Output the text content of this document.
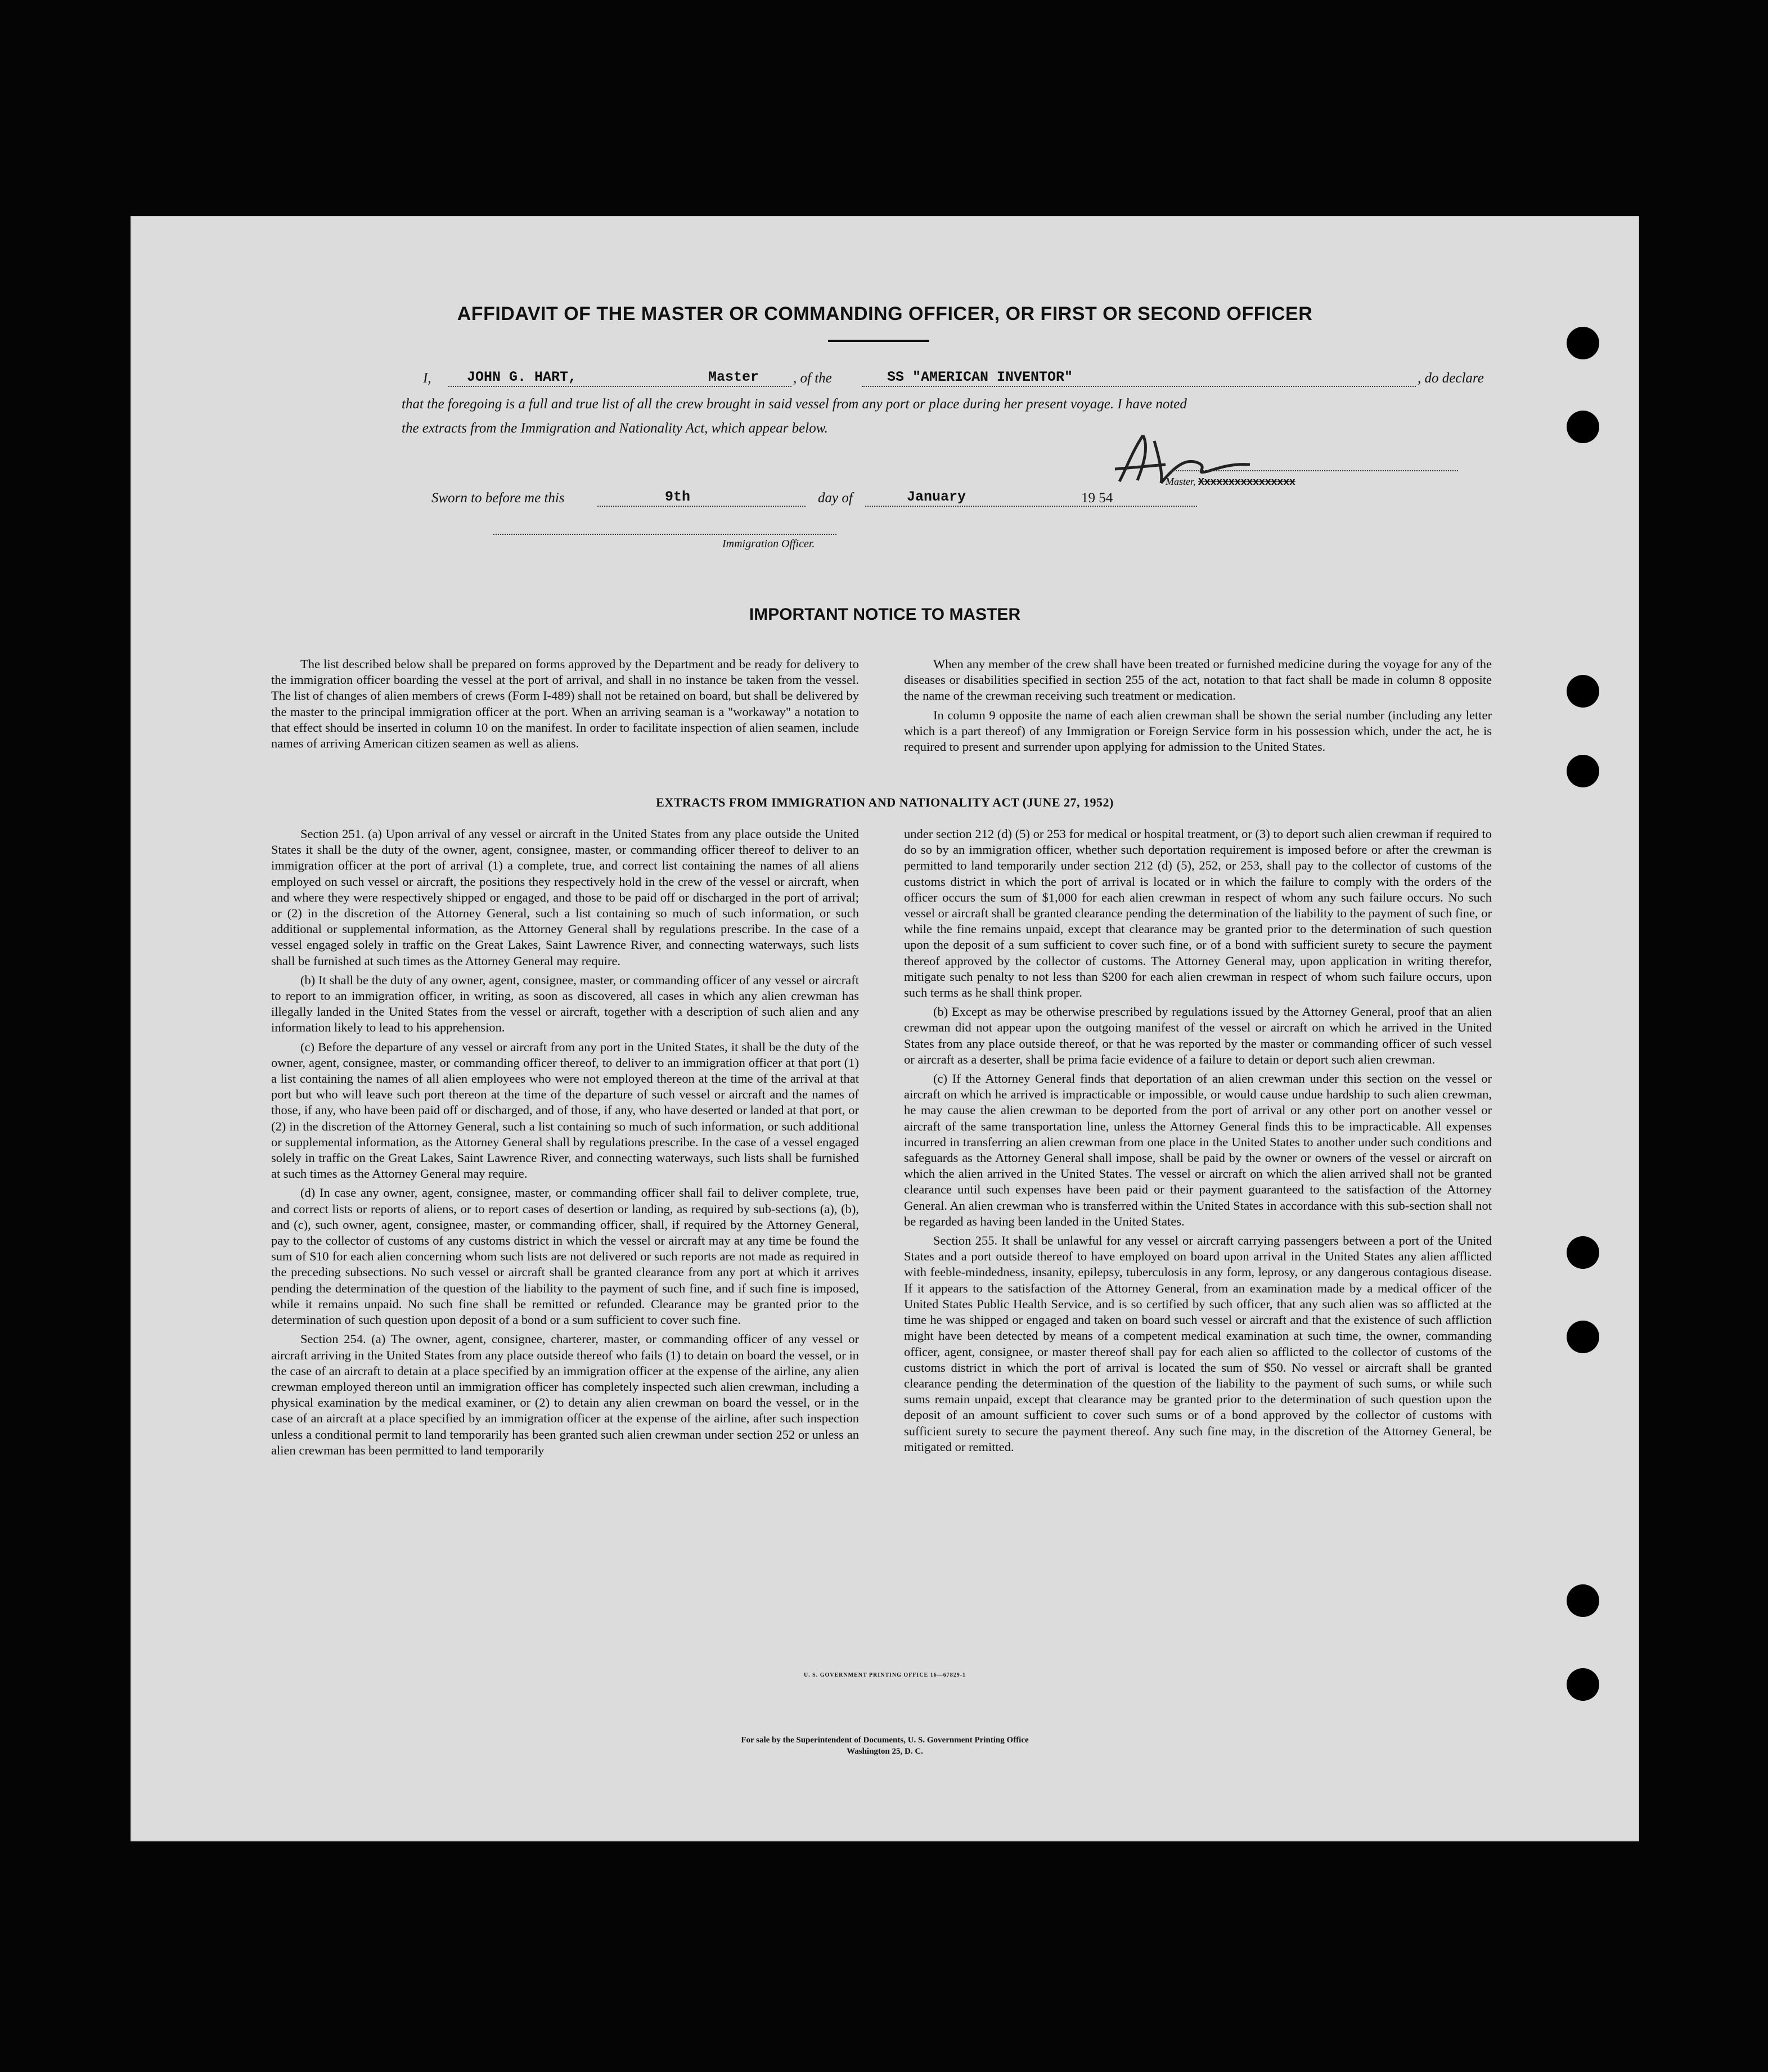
AFFIDAVIT OF THE MASTER OR COMMANDING OFFICER, OR FIRST OR SECOND OFFICER
I,	JOHN G. HART,	Master , of the	SS "AMERICAN INVENTOR"	, do declare
that the foregoing is a full and true list of all the crew brought in said vessel from any port or place during her present voyage. I have noted
the extracts from the Immigration and Nationality Act, which appear below.
Master, Xxxxxxxxxxxxxxxx
Sworn to before me this	9th	day of	January	19 54
Immigration Officer.
IMPORTANT NOTICE TO MASTER

The list described below shall be prepared on forms approved by the Department and be ready for delivery to the immigration officer boarding the vessel at the port of arrival, and shall in no instance be taken from the vessel. The list of changes of alien members of crews (Form I-489) shall not be retained on board, but shall be delivered by the master to the principal immigration officer at the port. When an arriving seaman is a "workaway" a notation to that effect should be inserted in column 10 on the manifest. In order to facilitate inspection of alien seamen, include names of arriving American citizen seamen as well as aliens.

When any member of the crew shall have been treated or furnished medicine during the voyage for any of the diseases or disabilities specified in section 255 of the act, notation to that fact shall be made in column 8 opposite the name of the crewman receiving such treatment or medication.

In column 9 opposite the name of each alien crewman shall be shown the serial number (including any letter which is a part thereof) of any Immigration or Foreign Service form in his possession which, under the act, he is required to present and surrender upon applying for admission to the United States.

EXTRACTS FROM IMMIGRATION AND NATIONALITY ACT (JUNE 27, 1952)

Section 251. (a) Upon arrival of any vessel or aircraft in the United States from any place outside the United States it shall be the duty of the owner, agent, consignee, master, or commanding officer thereof to deliver to an immigration officer at the port of arrival (1) a complete, true, and correct list containing the names of all aliens employed on such vessel or aircraft, the positions they respectively hold in the crew of the vessel or aircraft, when and where they were respectively shipped or engaged, and those to be paid off or discharged in the port of arrival; or (2) in the discretion of the Attorney General, such a list containing so much of such information, or such additional or supplemental information, as the Attorney General shall by regulations prescribe. In the case of a vessel engaged solely in traffic on the Great Lakes, Saint Lawrence River, and connecting waterways, such lists shall be furnished at such times as the Attorney General may require.

(b) It shall be the duty of any owner, agent, consignee, master, or commanding officer of any vessel or aircraft to report to an immigration officer, in writing, as soon as discovered, all cases in which any alien crewman has illegally landed in the United States from the vessel or aircraft, together with a description of such alien and any information likely to lead to his apprehension.

(c) Before the departure of any vessel or aircraft from any port in the United States, it shall be the duty of the owner, agent, consignee, master, or commanding officer thereof, to deliver to an immigration officer at that port (1) a list containing the names of all alien employees who were not employed thereon at the time of the arrival at that port but who will leave such port thereon at the time of the departure of such vessel or aircraft and the names of those, if any, who have been paid off or discharged, and of those, if any, who have deserted or landed at that port, or (2) in the discretion of the Attorney General, such a list containing so much of such information, or such additional or supplemental information, as the Attorney General shall by regulations prescribe. In the case of a vessel engaged solely in traffic on the Great Lakes, Saint Lawrence River, and connecting waterways, such lists shall be furnished at such times as the Attorney General may require.

(d) In case any owner, agent, consignee, master, or commanding officer shall fail to deliver complete, true, and correct lists or reports of aliens, or to report cases of desertion or landing, as required by sub-sections (a), (b), and (c), such owner, agent, consignee, master, or commanding officer, shall, if required by the Attorney General, pay to the collector of customs of any customs district in which the vessel or aircraft may at any time be found the sum of $10 for each alien concerning whom such lists are not delivered or such reports are not made as required in the preceding subsections. No such vessel or aircraft shall be granted clearance from any port at which it arrives pending the determination of the question of the liability to the payment of such fine, and if such fine is imposed, while it remains unpaid. No such fine shall be remitted or refunded. Clearance may be granted prior to the determination of such question upon deposit of a bond or a sum sufficient to cover such fine.

Section 254. (a) The owner, agent, consignee, charterer, master, or commanding officer of any vessel or aircraft arriving in the United States from any place outside thereof who fails (1) to detain on board the vessel, or in the case of an aircraft to detain at a place specified by an immigration officer at the expense of the airline, any alien crewman employed thereon until an immigration officer has completely inspected such alien crewman, including a physical examination by the medical examiner, or (2) to detain any alien crewman on board the vessel, or in the case of an aircraft at a place specified by an immigration officer at the expense of the airline, after such inspection unless a conditional permit to land temporarily has been granted such alien crewman under section 252 or unless an alien crewman has been permitted to land temporarily

under section 212 (d) (5) or 253 for medical or hospital treatment, or (3) to deport such alien crewman if required to do so by an immigration officer, whether such deportation requirement is imposed before or after the crewman is permitted to land temporarily under section 212 (d) (5), 252, or 253, shall pay to the collector of customs of the customs district in which the port of arrival is located or in which the failure to comply with the orders of the officer occurs the sum of $1,000 for each alien crewman in respect of whom any such failure occurs. No such vessel or aircraft shall be granted clearance pending the determination of the liability to the payment of such fine, or while the fine remains unpaid, except that clearance may be granted prior to the determination of such question upon the deposit of a sum sufficient to cover such fine, or of a bond with sufficient surety to secure the payment thereof approved by the collector of customs. The Attorney General may, upon application in writing therefor, mitigate such penalty to not less than $200 for each alien crewman in respect of whom such failure occurs, upon such terms as he shall think proper.

(b) Except as may be otherwise prescribed by regulations issued by the Attorney General, proof that an alien crewman did not appear upon the outgoing manifest of the vessel or aircraft on which he arrived in the United States from any place outside thereof, or that he was reported by the master or commanding officer of such vessel or aircraft as a deserter, shall be prima facie evidence of a failure to detain or deport such alien crewman.

(c) If the Attorney General finds that deportation of an alien crewman under this section on the vessel or aircraft on which he arrived is impracticable or impossible, or would cause undue hardship to such alien crewman, he may cause the alien crewman to be deported from the port of arrival or any other port on another vessel or aircraft of the same transportation line, unless the Attorney General finds this to be impracticable. All expenses incurred in transferring an alien crewman from one place in the United States to another under such conditions and safeguards as the Attorney General shall impose, shall be paid by the owner or owners of the vessel or aircraft on which the alien arrived in the United States. The vessel or aircraft on which the alien arrived shall not be granted clearance until such expenses have been paid or their payment guaranteed to the satisfaction of the Attorney General. An alien crewman who is transferred within the United States in accordance with this sub-section shall not be regarded as having been landed in the United States.

Section 255. It shall be unlawful for any vessel or aircraft carrying passengers between a port of the United States and a port outside thereof to have employed on board upon arrival in the United States any alien afflicted with feeble-mindedness, insanity, epilepsy, tuberculosis in any form, leprosy, or any dangerous contagious disease. If it appears to the satisfaction of the Attorney General, from an examination made by a medical officer of the United States Public Health Service, and is so certified by such officer, that any such alien was so afflicted at the time he was shipped or engaged and taken on board such vessel or aircraft and that the existence of such affliction might have been detected by means of a competent medical examination at such time, the owner, commanding officer, agent, consignee, or master thereof shall pay for each alien so afflicted to the collector of customs of the customs district in which the port of arrival is located the sum of $50. No vessel or aircraft shall be granted clearance pending the determination of the question of the liability to the payment of such sums, or while such sums remain unpaid, except that clearance may be granted prior to the determination of such question upon the deposit of an amount sufficient to cover such sums or of a bond approved by the collector of customs with sufficient surety to secure the payment thereof. Any such fine may, in the discretion of the Attorney General, be mitigated or remitted.

U. S. GOVERNMENT PRINTING OFFICE 16—67829-1
For sale by the Superintendent of Documents, U. S. Government Printing Office
Washington 25, D. C.
